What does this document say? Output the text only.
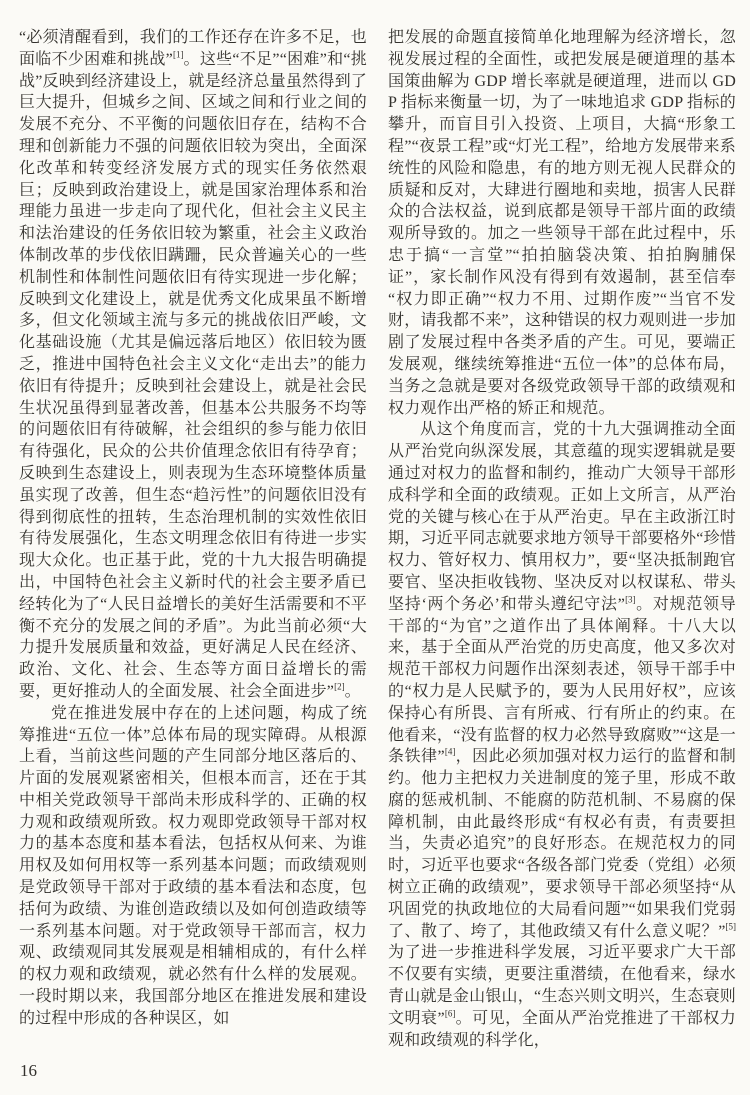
“必须清醒看到，我们的工作还存在许多不足，也面临不少困难和挑战”[1]。这些“不足”“困难”和“挑战”反映到经济建设上，就是经济总量虽然得到了巨大提升，但城乡之间、区域之间和行业之间的发展不充分、不平衡的问题依旧存在，结构不合理和创新能力不强的问题依旧较为突出，全面深化改革和转变经济发展方式的现实任务依然艰巨；反映到政治建设上，就是国家治理体系和治理能力虽进一步走向了现代化，但社会主义民主和法治建设的任务依旧较为繁重，社会主义政治体制改革的步伐依旧蹒跚，民众普遍关心的一些机制性和体制性问题依旧有待实现进一步化解；反映到文化建设上，就是优秀文化成果虽不断增多，但文化领域主流与多元的挑战依旧严峻，文化基础设施（尤其是偏远落后地区）依旧较为匮乏，推进中国特色社会主义文化“走出去”的能力依旧有待提升；反映到社会建设上，就是社会民生状况虽得到显著改善，但基本公共服务不均等的问题依旧有待破解，社会组织的参与能力依旧有待强化，民众的公共价值理念依旧有待孕育；反映到生态建设上，则表现为生态环境整体质量虽实现了改善，但生态“趋污性”的问题依旧没有得到彻底性的扭转，生态治理机制的实效性依旧有待发展强化，生态文明理念依旧有待进一步实现大众化。也正基于此，党的十九大报告明确提出，中国特色社会主义新时代的社会主要矛盾已经转化为了“人民日益增长的美好生活需要和不平衡不充分的发展之间的矛盾”。为此当前必须“大力提升发展质量和效益，更好满足人民在经济、政治、文化、社会、生态等方面日益增长的需要，更好推动人的全面发展、社会全面进步”[2]。

党在推进发展中存在的上述问题，构成了统筹推进“五位一体”总体布局的现实障碍。从根源上看，当前这些问题的产生同部分地区落后的、片面的发展观紧密相关，但根本而言，还在于其中相关党政领导干部尚未形成科学的、正确的权力观和政绩观所致。权力观即党政领导干部对权力的基本态度和基本看法，包括权从何来、为谁用权及如何用权等一系列基本问题；而政绩观则是党政领导干部对于政绩的基本看法和态度，包括何为政绩、为谁创造政绩以及如何创造政绩等一系列基本问题。对于党政领导干部而言，权力观、政绩观同其发展观是相辅相成的，有什么样的权力观和政绩观，就必然有什么样的发展观。一段时期以来，我国部分地区在推进发展和建设的过程中形成的各种误区，如

把发展的命题直接简单化地理解为经济增长，忽视发展过程的全面性，或把发展是硬道理的基本国策曲解为 GDP 增长率就是硬道理，进而以 GDP 指标来衡量一切，为了一味地追求 GDP 指标的攀升，而盲目引入投资、上项目，大搞“形象工程”“夜景工程”或“灯光工程”，给地方发展带来系统性的风险和隐患，有的地方则无视人民群众的质疑和反对，大肆进行圈地和卖地，损害人民群众的合法权益，说到底都是领导干部片面的政绩观所导致的。加之一些领导干部在此过程中，乐忠于搞“一言堂”“拍拍脑袋决策、拍拍胸脯保证”，家长制作风没有得到有效遏制，甚至信奉“权力即正确”“权力不用、过期作废”“当官不发财，请我都不来”，这种错误的权力观则进一步加剧了发展过程中各类矛盾的产生。可见，要端正发展观，继续统筹推进“五位一体”的总体布局，当务之急就是要对各级党政领导干部的政绩观和权力观作出严格的矫正和规范。

从这个角度而言，党的十九大强调推动全面从严治党向纵深发展，其意蕴的现实逻辑就是要通过对权力的监督和制约，推动广大领导干部形成科学和全面的政绩观。正如上文所言，从严治党的关键与核心在于从严治吏。早在主政浙江时期，习近平同志就要求地方领导干部要格外“珍惜权力、管好权力、慎用权力”，要“坚决抵制跑官要官、坚决拒收钱物、坚决反对以权谋私、带头坚持‘两个务必’和带头遵纪守法”[3]。对规范领导干部的“为官”之道作出了具体阐释。十八大以来，基于全面从严治党的历史高度，他又多次对规范干部权力问题作出深刻表述，领导干部手中的“权力是人民赋予的，要为人民用好权”，应该保持心有所畏、言有所戒、行有所止的约束。在他看来，“没有监督的权力必然导致腐败”“这是一条铁律”[4]，因此必须加强对权力运行的监督和制约。他力主把权力关进制度的笼子里，形成不敢腐的惩戒机制、不能腐的防范机制、不易腐的保障机制，由此最终形成“有权必有责，有责要担当，失责必追究”的良好形态。在规范权力的同时，习近平也要求“各级各部门党委（党组）必须树立正确的政绩观”，要求领导干部必须坚持“从巩固党的执政地位的大局看问题”“如果我们党弱了、散了、垮了，其他政绩又有什么意义呢？”[5]为了进一步推进科学发展，习近平要求广大干部不仅要有实绩，更要注重潜绩，在他看来，绿水青山就是金山银山，“生态兴则文明兴，生态衰则文明衰”[6]。可见，全面从严治党推进了干部权力观和政绩观的科学化，

16
